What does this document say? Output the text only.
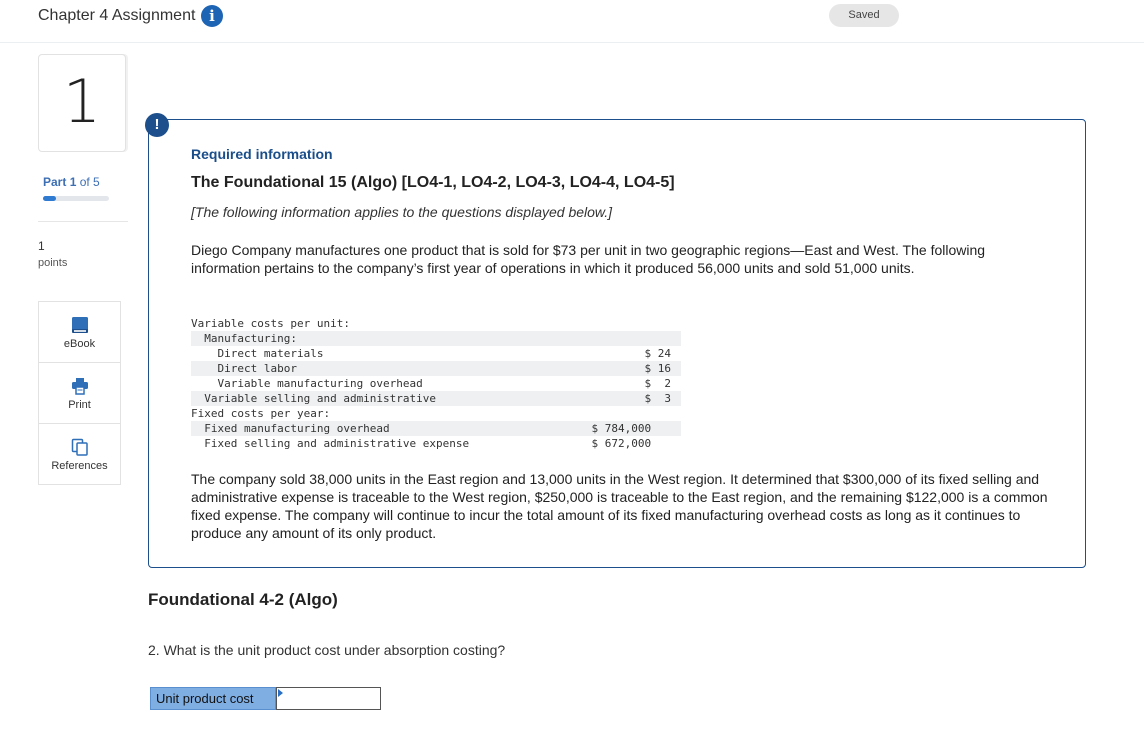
Chapter 4 Assignment i	Saved
1
Part 1 of 5
1
points
eBook
Print
References
!
Required information
The Foundational 15 (Algo) [LO4-1, LO4-2, LO4-3, LO4-4, LO4-5]
[The following information applies to the questions displayed below.]
Diego Company manufactures one product that is sold for $73 per unit in two geographic regions—East and West. The following information pertains to the company’s first year of operations in which it produced 56,000 units and sold 51,000 units.
Variable costs per unit:
Manufacturing:
Direct materials	$ 24
Direct labor	$ 16
Variable manufacturing overhead	$  2
Variable selling and administrative	$  3
Fixed costs per year:
Fixed manufacturing overhead	$ 784,000
Fixed selling and administrative expense	$ 672,000
The company sold 38,000 units in the East region and 13,000 units in the West region. It determined that $300,000 of its fixed selling and administrative expense is traceable to the West region, $250,000 is traceable to the East region, and the remaining $122,000 is a common fixed expense. The company will continue to incur the total amount of its fixed manufacturing overhead costs as long as it continues to produce any amount of its only product.
Foundational 4-2 (Algo)
2. What is the unit product cost under absorption costing?
Unit product cost
